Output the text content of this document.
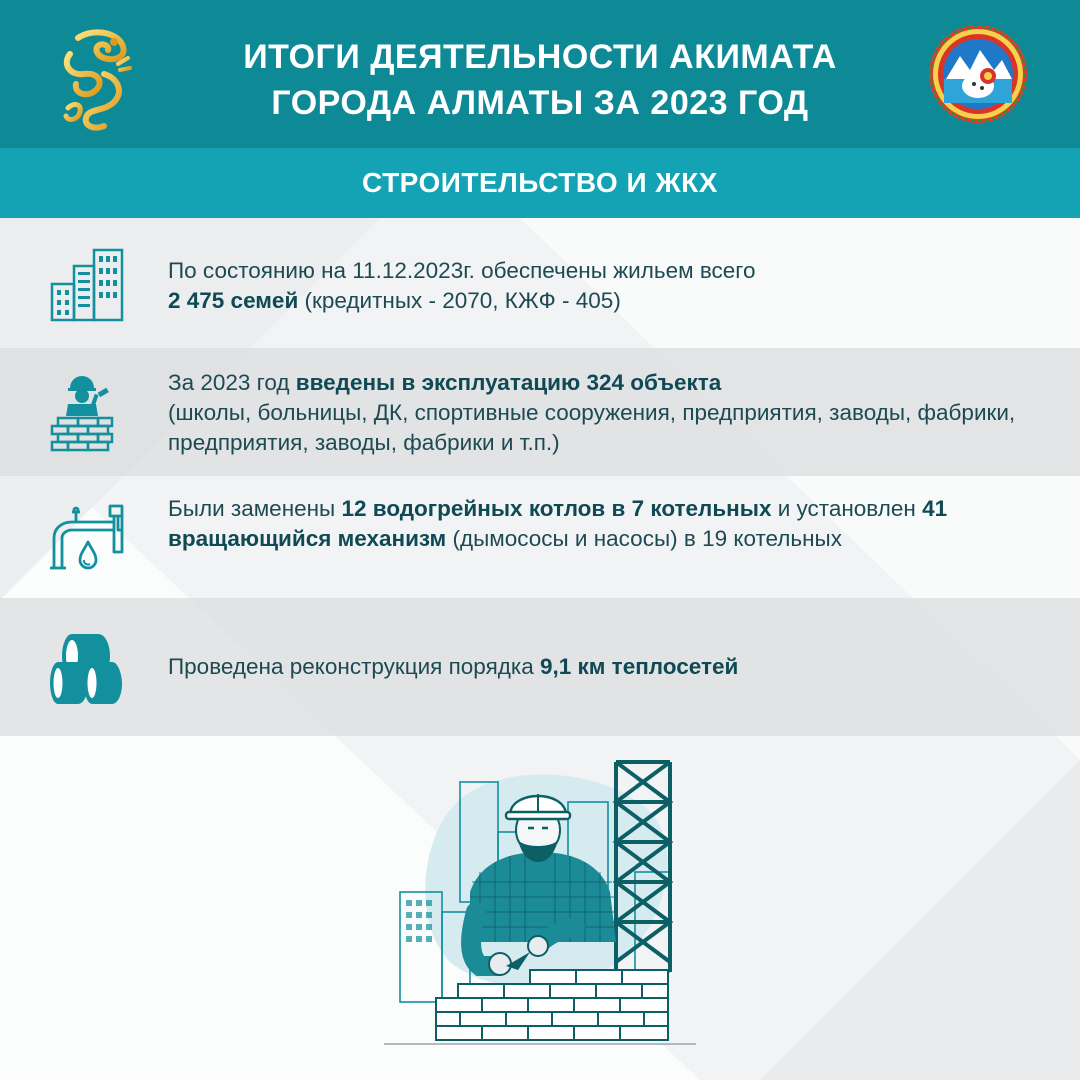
ИТОГИ ДЕЯТЕЛЬНОСТИ АКИМАТА
ГОРОДА АЛМАТЫ ЗА 2023 ГОД
СТРОИТЕЛЬСТВО И ЖКХ
По состоянию на 11.12.2023г. обеспечены жильем всего
2 475 семей (кредитных - 2070, КЖФ - 405)
За 2023 год введены в эксплуатацию 324 объекта
(школы, больницы, ДК, спортивные сооружения, предприятия, заводы, фабрики, предприятия, заводы, фабрики и т.п.)
Были заменены 12 водогрейных котлов в 7 котельных и установлен 41 вращающийся механизм (дымососы и насосы) в 19 котельных
Проведена реконструкция порядка 9,1 км теплосетей
